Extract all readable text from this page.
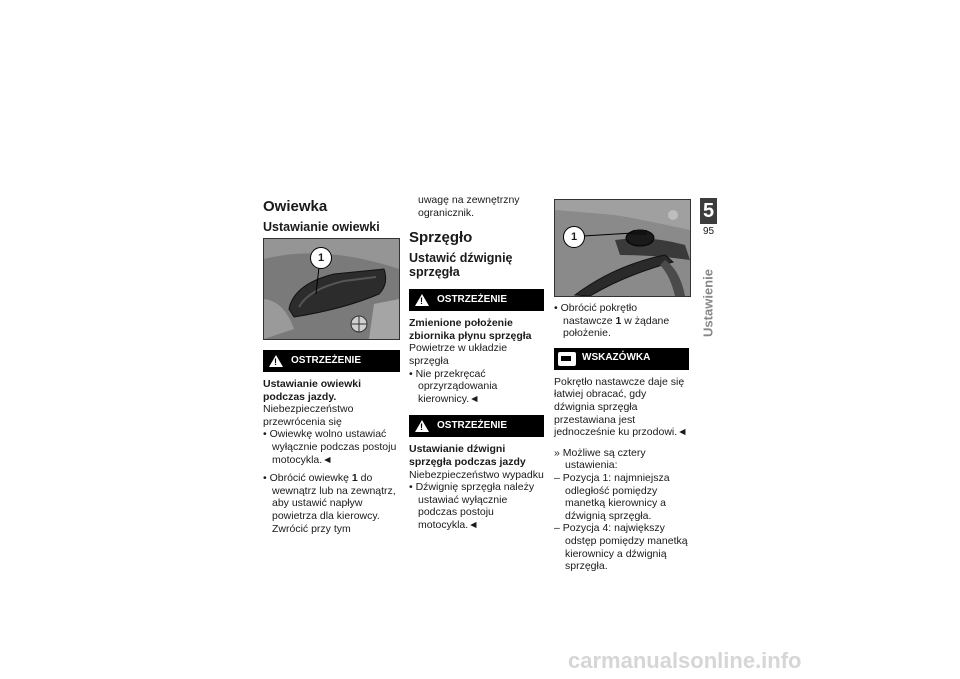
Owiewka
Ustawianie owiewki
1
!
OSTRZEŻENIE

Ustawianie owiewki podczas jazdy.

Niebezpieczeństwo przewrócenia się

• Owiewkę wolno ustawiać wyłącznie podczas postoju motocykla.◄

• Obrócić owiewkę 1 do wewnątrz lub na zewnątrz, aby ustawić napływ powietrza dla kierowcy. Zwrócić przy tym

uwagę na zewnętrzny ogranicznik.

Sprzęgło
Ustawić dźwignię sprzęgła
!
OSTRZEŻENIE

Zmienione położenie zbiornika płynu sprzęgła

Powietrze w układzie sprzęgła

• Nie przekręcać oprzyrządowania kierownicy.◄

!
OSTRZEŻENIE

Ustawianie dźwigni sprzęgła podczas jazdy

Niebezpieczeństwo wypadku

• Dźwignię sprzęgła należy ustawiać wyłącznie podczas postoju motocykla.◄

1

• Obrócić pokrętło nastawcze 1 w żądane położenie.

WSKAZÓWKA

Pokrętło nastawcze daje się łatwiej obracać, gdy dźwignia sprzęgła przestawiana jest jednocześnie ku przodowi.◄

» Możliwe są cztery ustawienia:

– Pozycja 1: najmniejsza odległość pomiędzy manetką kierownicy a dźwignią sprzęgła.

– Pozycja 4: największy odstęp pomiędzy manetką kierownicy a dźwignią sprzęgła.

5
95
Ustawienie
carmanualsonline.info
